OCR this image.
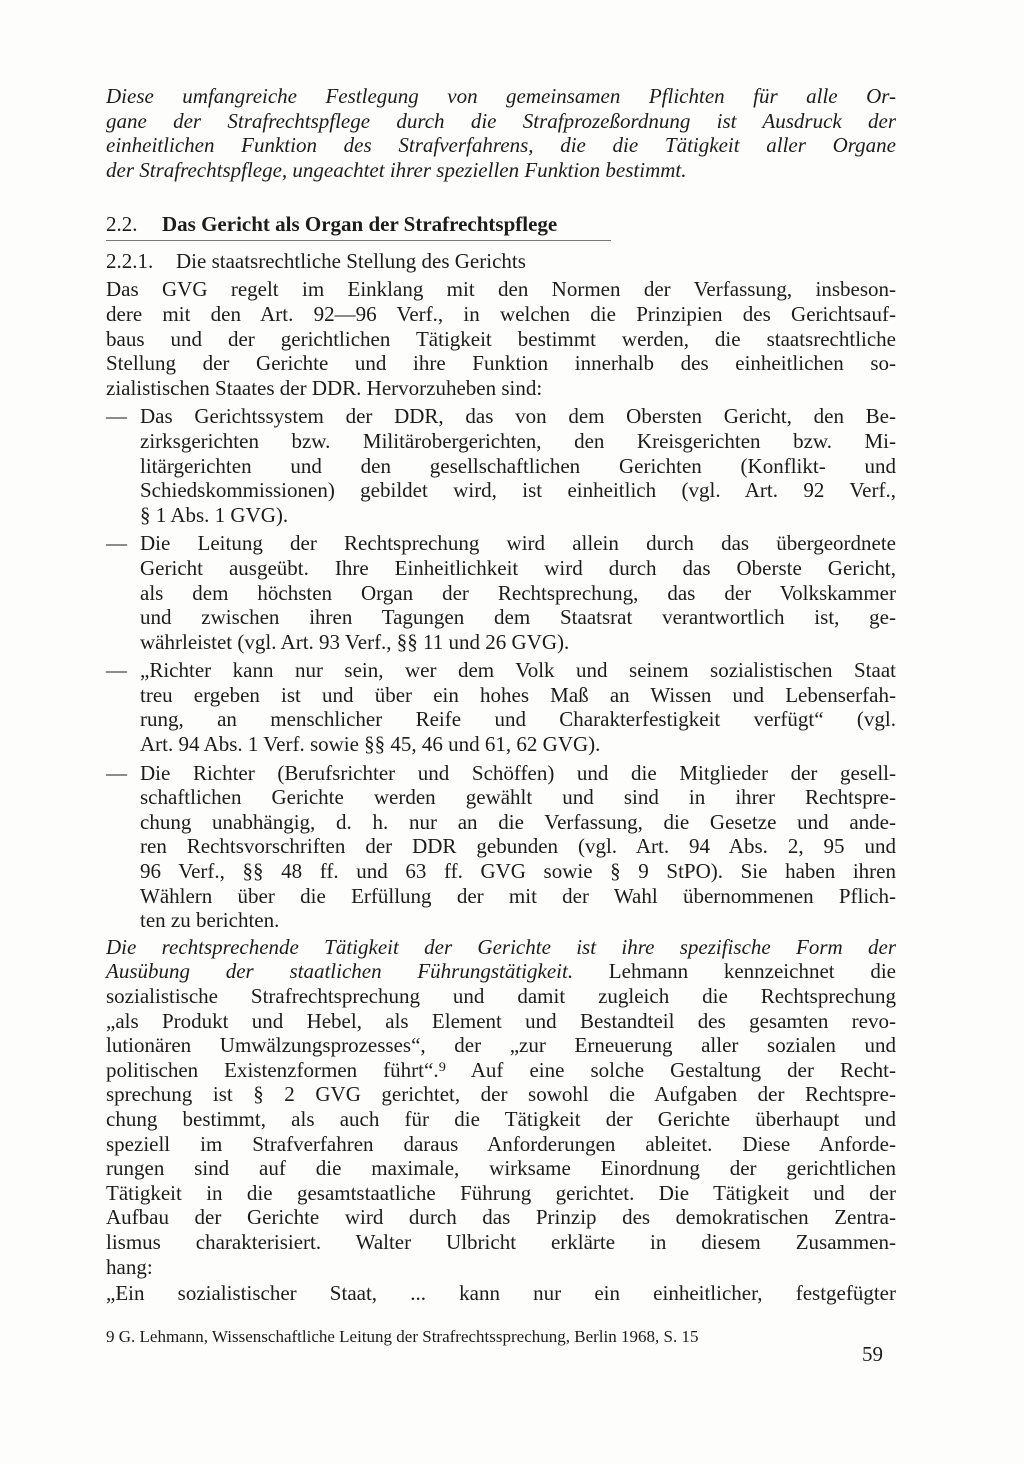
Diese umfangreiche Festlegung von gemeinsamen Pflichten für alle Or-
gane der Strafrechtspflege durch die Strafprozeßordnung ist Ausdruck der
einheitlichen Funktion des Strafverfahrens, die die Tätigkeit aller Organe
der Strafrechtspflege, ungeachtet ihrer speziellen Funktion bestimmt.
2.2. Das Gericht als Organ der Strafrechtspflege
2.2.1. Die staatsrechtliche Stellung des Gerichts
Das GVG regelt im Einklang mit den Normen der Verfassung, insbeson-
dere mit den Art. 92—96 Verf., in welchen die Prinzipien des Gerichtsauf-
baus und der gerichtlichen Tätigkeit bestimmt werden, die staatsrechtliche
Stellung der Gerichte und ihre Funktion innerhalb des einheitlichen so-
zialistischen Staates der DDR. Hervorzuheben sind:
— Das Gerichtssystem der DDR, das von dem Obersten Gericht, den Be-
zirksgerichten bzw. Militärobergerichten, den Kreisgerichten bzw. Mi-
litärgerichten und den gesellschaftlichen Gerichten (Konflikt- und
Schiedskommissionen) gebildet wird, ist einheitlich (vgl. Art. 92 Verf.,
§ 1 Abs. 1 GVG).
— Die Leitung der Rechtsprechung wird allein durch das übergeordnete
Gericht ausgeübt. Ihre Einheitlichkeit wird durch das Oberste Gericht,
als dem höchsten Organ der Rechtsprechung, das der Volkskammer
und zwischen ihren Tagungen dem Staatsrat verantwortlich ist, ge-
währleistet (vgl. Art. 93 Verf., §§ 11 und 26 GVG).
— „Richter kann nur sein, wer dem Volk und seinem sozialistischen Staat
treu ergeben ist und über ein hohes Maß an Wissen und Lebenserfah-
rung, an menschlicher Reife und Charakterfestigkeit verfügt“ (vgl.
Art. 94 Abs. 1 Verf. sowie §§ 45, 46 und 61, 62 GVG).
— Die Richter (Berufsrichter und Schöffen) und die Mitglieder der gesell-
schaftlichen Gerichte werden gewählt und sind in ihrer Rechtspre-
chung unabhängig, d. h. nur an die Verfassung, die Gesetze und ande-
ren Rechtsvorschriften der DDR gebunden (vgl. Art. 94 Abs. 2, 95 und
96 Verf., §§ 48 ff. und 63 ff. GVG sowie § 9 StPO). Sie haben ihren
Wählern über die Erfüllung der mit der Wahl übernommenen Pflich-
ten zu berichten.
Die rechtsprechende Tätigkeit der Gerichte ist ihre spezifische Form der
Ausübung der staatlichen Führungstätigkeit. Lehmann kennzeichnet die
sozialistische Strafrechtsprechung und damit zugleich die Rechtsprechung
„als Produkt und Hebel, als Element und Bestandteil des gesamten revo-
lutionären Umwälzungsprozesses“, der „zur Erneuerung aller sozialen und
politischen Existenzformen führt“.⁹ Auf eine solche Gestaltung der Recht-
sprechung ist § 2 GVG gerichtet, der sowohl die Aufgaben der Rechtspre-
chung bestimmt, als auch für die Tätigkeit der Gerichte überhaupt und
speziell im Strafverfahren daraus Anforderungen ableitet. Diese Anforde-
rungen sind auf die maximale, wirksame Einordnung der gerichtlichen
Tätigkeit in die gesamtstaatliche Führung gerichtet. Die Tätigkeit und der
Aufbau der Gerichte wird durch das Prinzip des demokratischen Zentra-
lismus charakterisiert. Walter Ulbricht erklärte in diesem Zusammen-
hang:
„Ein sozialistischer Staat, ... kann nur ein einheitlicher, festgefügter
9 G. Lehmann, Wissenschaftliche Leitung der Strafrechtssprechung, Berlin 1968, S. 15
59
